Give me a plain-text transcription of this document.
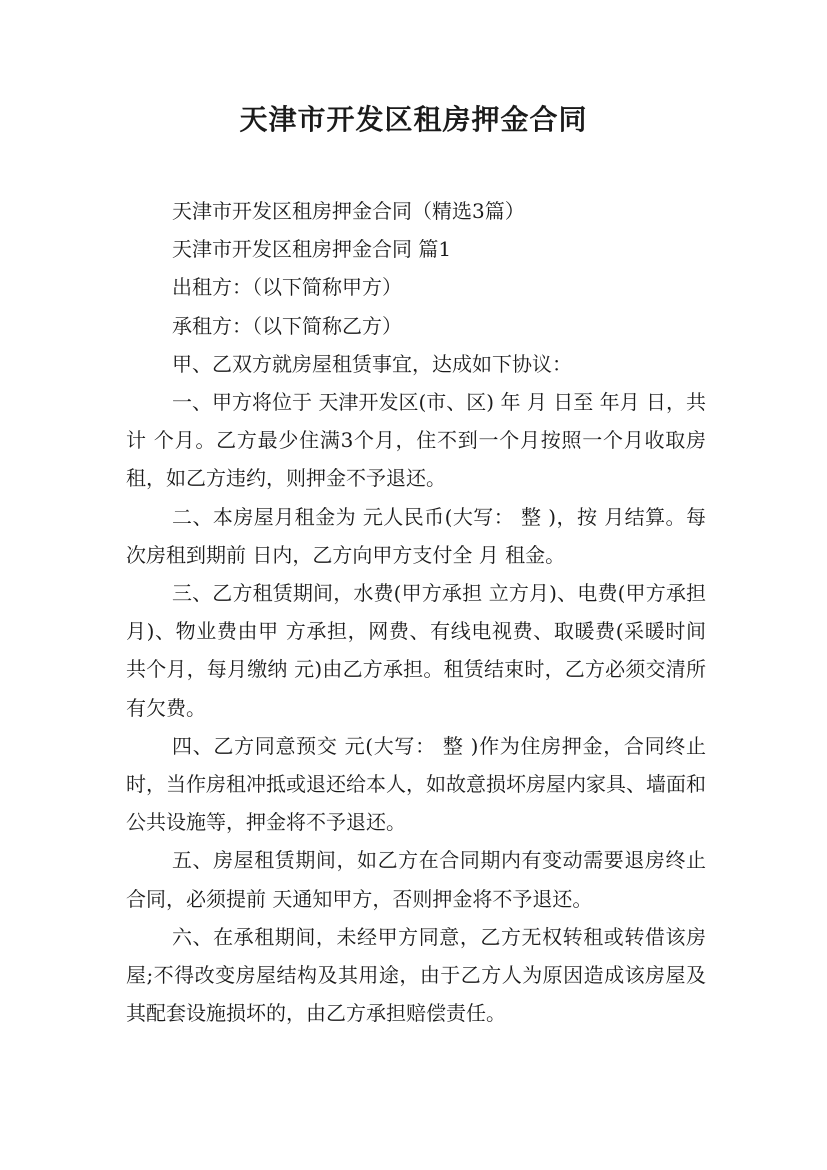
天津市开发区租房押金合同

天津市开发区租房押金合同（精选3篇）

天津市开发区租房押金合同 篇1

出租方：（以下简称甲方）

承租方：（以下简称乙方）

甲、乙双方就房屋租赁事宜，达成如下协议：

一、甲方将位于 天津开发区(市、区) 年 月 日至 年月 日，共计 个月。乙方最少住满3个月，住不到一个月按照一个月收取房租，如乙方违约，则押金不予退还。

二、本房屋月租金为 元人民币(大写： 整 )，按 月结算。每次房租到期前 日内，乙方向甲方支付全 月 租金。

三、乙方租赁期间，水费(甲方承担 立方月)、电费(甲方承担 月)、物业费由甲 方承担，网费、有线电视费、取暖费(采暖时间共个月，每月缴纳 元)由乙方承担。租赁结束时，乙方必须交清所有欠费。

四、乙方同意预交 元(大写： 整 )作为住房押金，合同终止时，当作房租冲抵或退还给本人，如故意损坏房屋内家具、墙面和公共设施等，押金将不予退还。

五、房屋租赁期间，如乙方在合同期内有变动需要退房终止合同，必须提前 天通知甲方，否则押金将不予退还。

六、在承租期间，未经甲方同意，乙方无权转租或转借该房屋;不得改变房屋结构及其用途，由于乙方人为原因造成该房屋及其配套设施损坏的，由乙方承担赔偿责任。
